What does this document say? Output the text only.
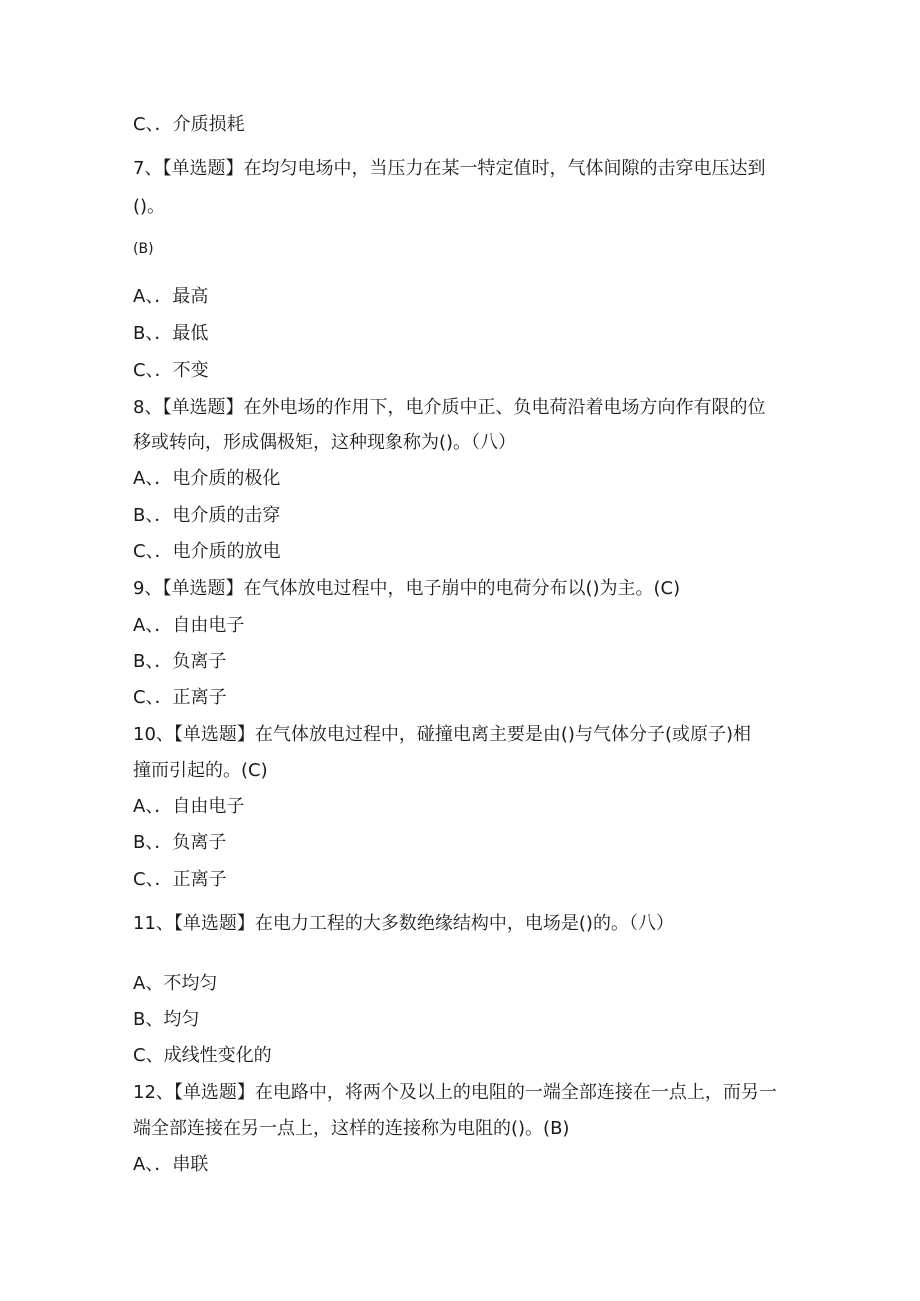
C、．介质损耗
7、【单选题】在均匀电场中，当压力在某一特定值时，气体间隙的击穿电压达到
()。
(B)
A、．最高
B、．最低
C、．不变
8、【单选题】在外电场的作用下，电介质中正、负电荷沿着电场方向作有限的位
移或转向，形成偶极矩，这种现象称为()。（八）
A、．电介质的极化
B、．电介质的击穿
C、．电介质的放电
9、【单选题】在气体放电过程中，电子崩中的电荷分布以()为主。(C)
A、．自由电子
B、．负离子
C、．正离子
10、【单选题】在气体放电过程中，碰撞电离主要是由()与气体分子(或原子)相
撞而引起的。(C)
A、．自由电子
B、．负离子
C、．正离子
11、【单选题】在电力工程的大多数绝缘结构中，电场是()的。（八）
A、不均匀
B、均匀
C、成线性变化的
12、【单选题】在电路中，将两个及以上的电阻的一端全部连接在一点上，而另一
端全部连接在另一点上，这样的连接称为电阻的()。(B)
A、．串联
